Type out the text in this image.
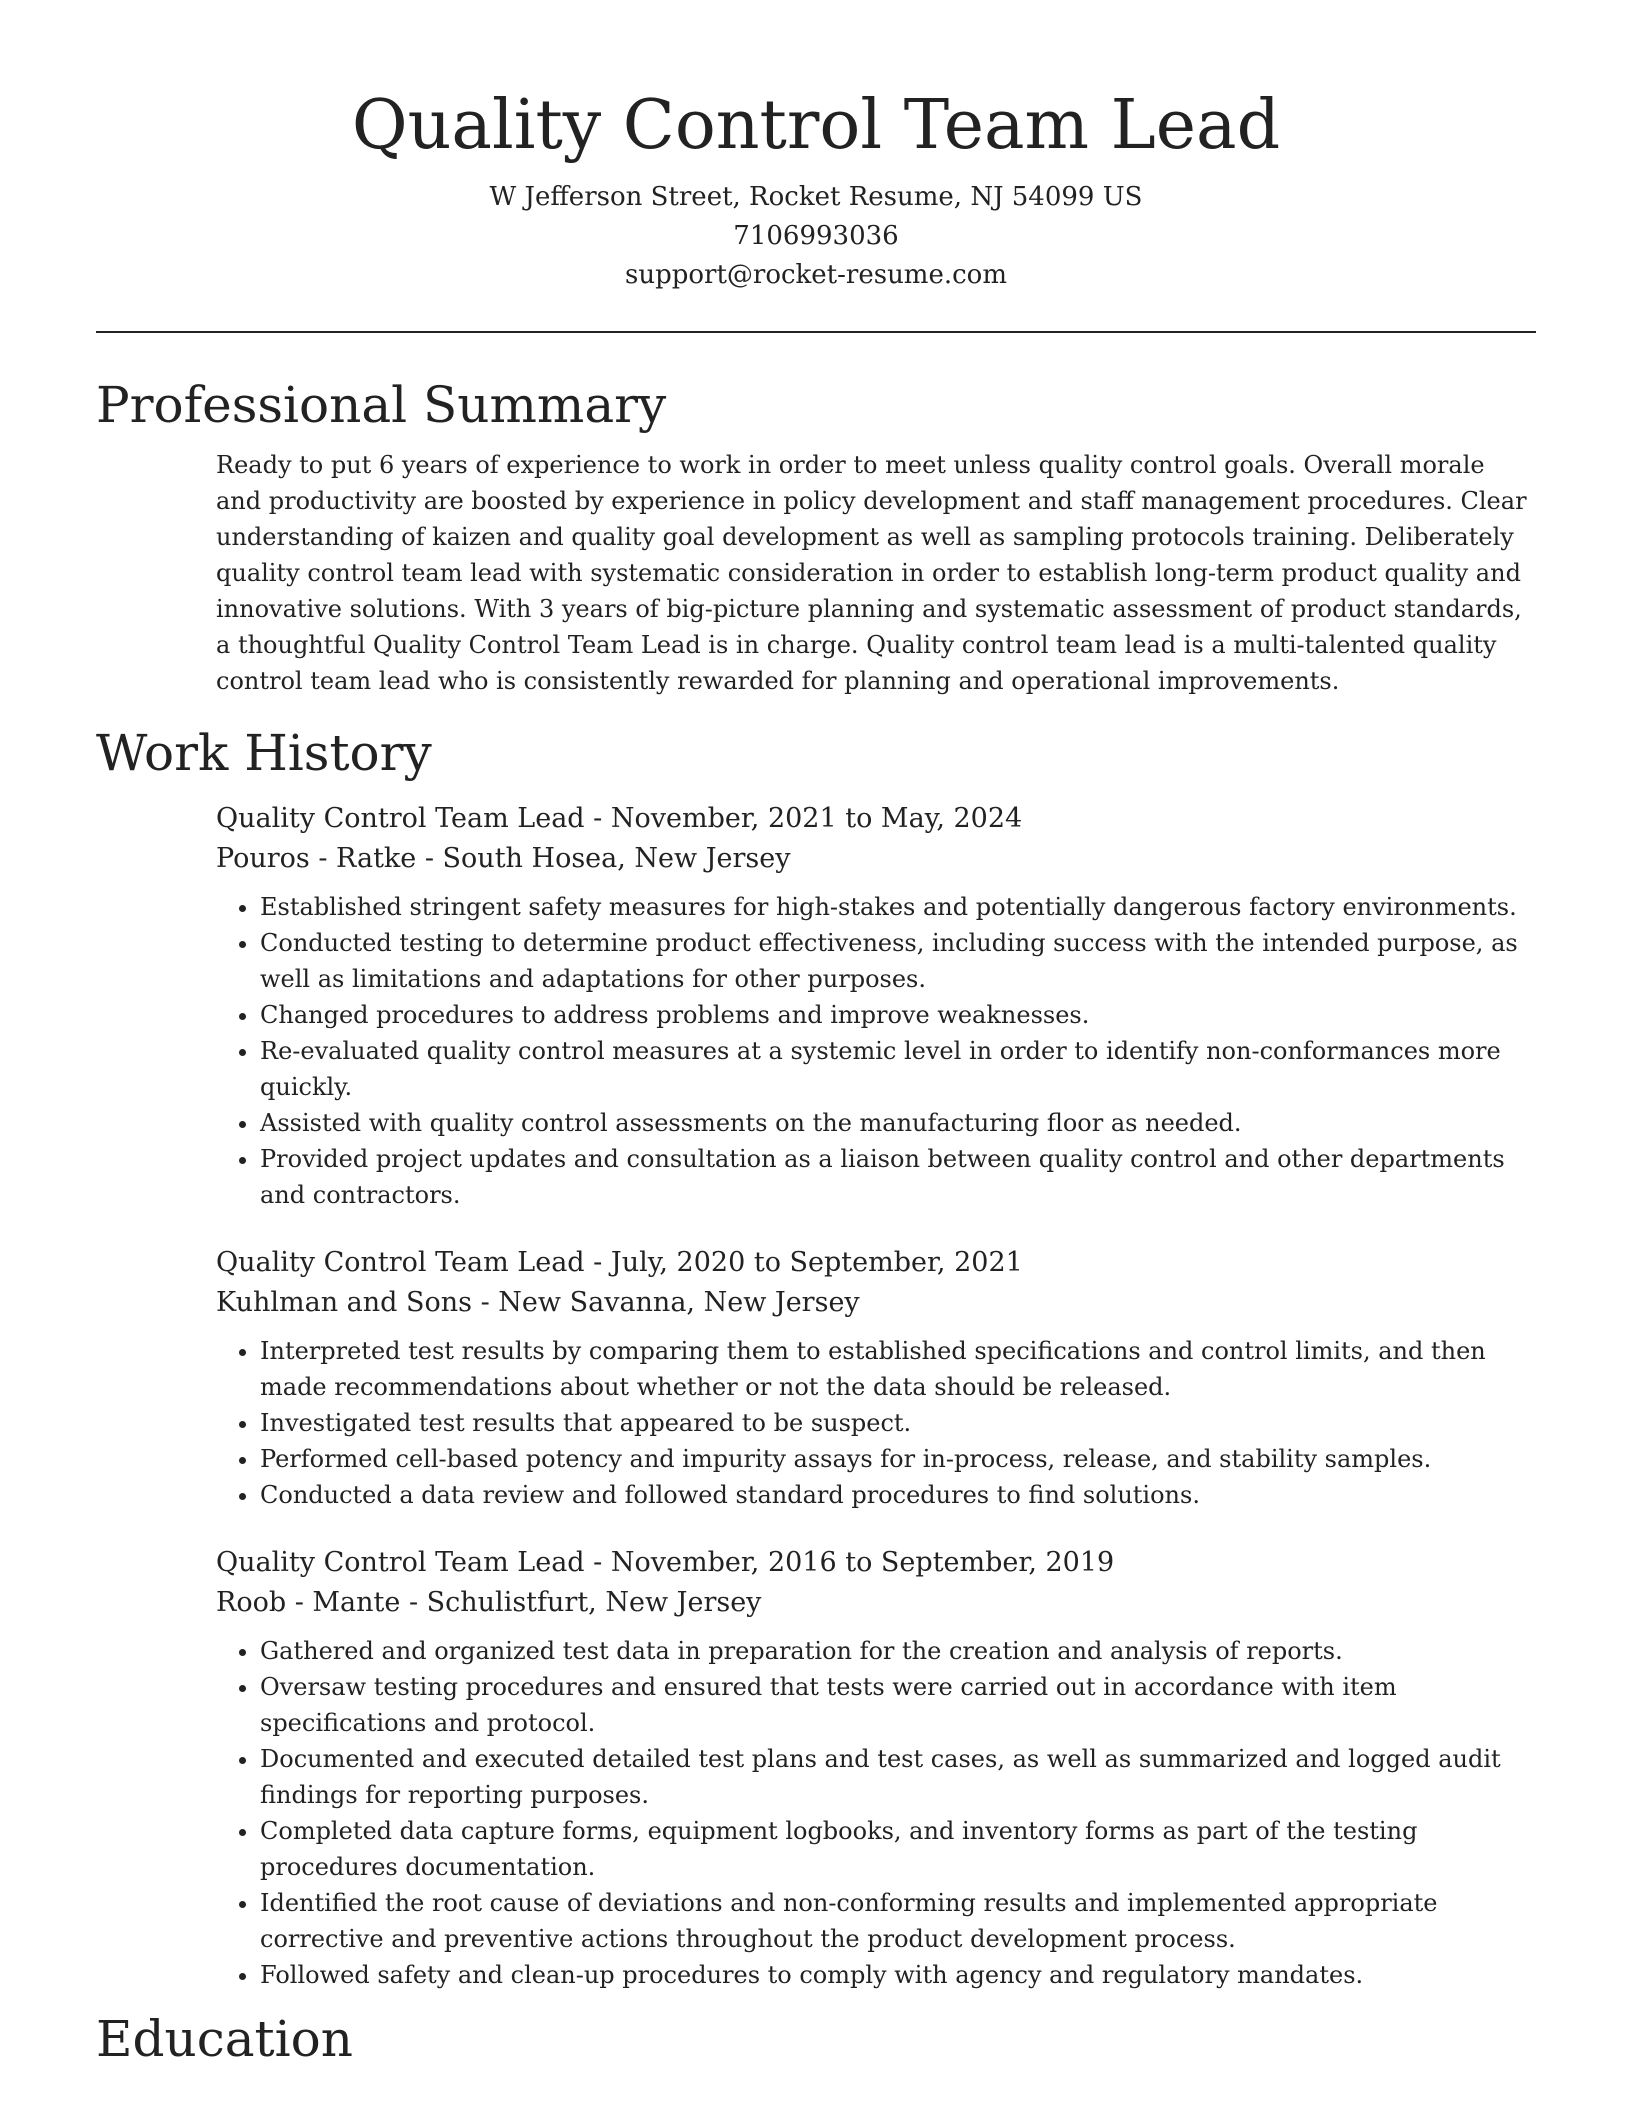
Quality Control Team Lead
W Jefferson Street, Rocket Resume, NJ 54099 US
7106993036
support@rocket-resume.com
Professional Summary
Ready to put 6 years of experience to work in order to meet unless quality control goals. Overall morale and productivity are boosted by experience in policy development and staff management procedures. Clear understanding of kaizen and quality goal development as well as sampling protocols training. Deliberately quality control team lead with systematic consideration in order to establish long-term product quality and innovative solutions. With 3 years of big-picture planning and systematic assessment of product standards, a thoughtful Quality Control Team Lead is in charge. Quality control team lead is a multi-talented quality control team lead who is consistently rewarded for planning and operational improvements.
Work History
Quality Control Team Lead - November, 2021 to May, 2024
Pouros - Ratke - South Hosea, New Jersey
• Established stringent safety measures for high-stakes and potentially dangerous factory environments.
• Conducted testing to determine product effectiveness, including success with the intended purpose, as well as limitations and adaptations for other purposes.
• Changed procedures to address problems and improve weaknesses.
• Re-evaluated quality control measures at a systemic level in order to identify non-conformances more quickly.
• Assisted with quality control assessments on the manufacturing floor as needed.
• Provided project updates and consultation as a liaison between quality control and other departments and contractors.
Quality Control Team Lead - July, 2020 to September, 2021
Kuhlman and Sons - New Savanna, New Jersey
• Interpreted test results by comparing them to established specifications and control limits, and then made recommendations about whether or not the data should be released.
• Investigated test results that appeared to be suspect.
• Performed cell-based potency and impurity assays for in-process, release, and stability samples.
• Conducted a data review and followed standard procedures to find solutions.
Quality Control Team Lead - November, 2016 to September, 2019
Roob - Mante - Schulistfurt, New Jersey
• Gathered and organized test data in preparation for the creation and analysis of reports.
• Oversaw testing procedures and ensured that tests were carried out in accordance with item specifications and protocol.
• Documented and executed detailed test plans and test cases, as well as summarized and logged audit findings for reporting purposes.
• Completed data capture forms, equipment logbooks, and inventory forms as part of the testing procedures documentation.
• Identified the root cause of deviations and non-conforming results and implemented appropriate corrective and preventive actions throughout the product development process.
• Followed safety and clean-up procedures to comply with agency and regulatory mandates.
Education
